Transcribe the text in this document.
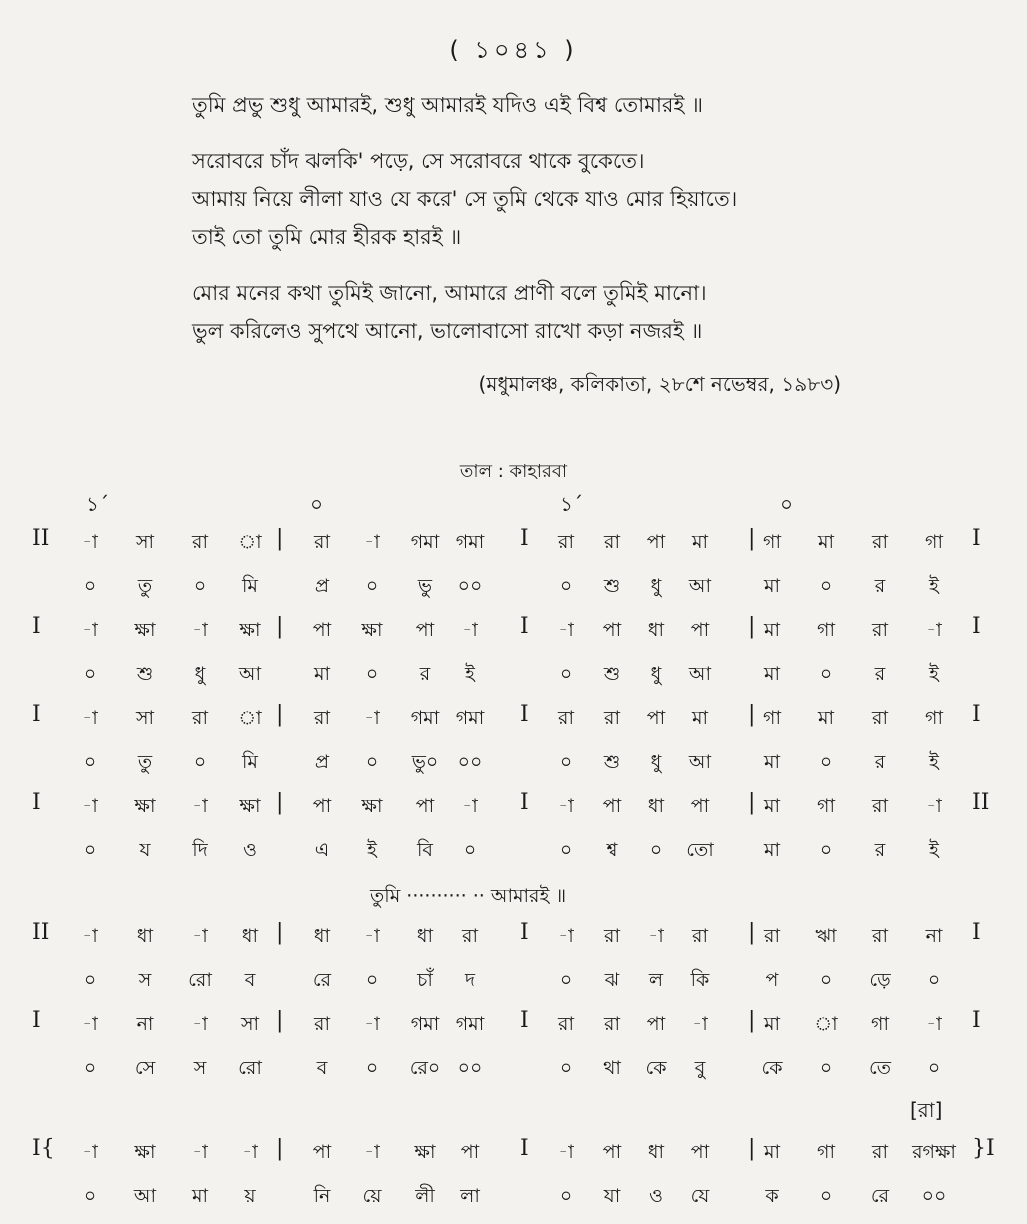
( ১০৪১ )
তুমি প্রভু শুধু আমারই, শুধু আমারই যদিও এই বিশ্ব তোমারই ॥
সরোবরে চাঁদ ঝলকি' পড়ে, সে সরোবরে থাকে বুকেতে।
আমায় নিয়ে লীলা যাও যে করে' সে তুমি থেকে যাও মোর হিয়াতে।
তাই তো তুমি মোর হীরক হারই ॥
মোর মনের কথা তুমিই জানো, আমারে প্রাণী বলে তুমিই মানো।
ভুল করিলেও সুপথে আনো, ভালোবাসো রাখো কড়া নজরই ॥
(মধুমালঞ্চ, কলিকাতা, ২৮শে নভেম্বর, ১৯৮৩)
তাল : কাহারবা
১´	০	১´	০
II	|	I	|	I
-া	সা	রা	া	রা	-া	গমা গমা	রা	রা	পা	মা	গা	মা	রা	গা
০	তু	০	মি	প্র	০	ভু	০০	০	শু	ধু	আ	মা	০	র	ই
I	|	I	|	I
-া	ক্ষা	-া	ক্ষা	পা	ক্ষা	পা	-া	-া	পা	ধা	পা	মা	গা	রা	-া
০	শু	ধু	আ	মা	০	র	ই	০	শু	ধু	আ	মা	০	র	ই
I	|	I	|	I
-া	সা	রা	া	রা	-া	গমা গমা	রা	রা	পা	মা	গা	মা	রা	গা
০	তু	০	মি	প্র	০	ভু০	০০	০	শু	ধু	আ	মা	০	র	ই
I	|	I	|	II
-া	ক্ষা	-া	ক্ষা	পা	ক্ষা	পা	-া	-া	পা	ধা	পা	মা	গা	রা	-া
০	য	দি	ও	এ	ই	বি	০	০	শ্ব	০	তো	মা	০	র	ই
তুমি ·········· ·· আমারই ॥
II	|	I	|	I
-া	ধা	-া	ধা	ধা	-া	ধা	রা	-া	রা	-া	রা	রা	ঋা	রা	না
০	স	রো	ব	রে	০	চাঁ	দ	০	ঝ	ল	কি	প	০	ড়ে	০
I	|	I	|	I
-া	না	-া	সা	রা	-া	গমা গমা	রা	রা	পা	-া	মা	া	গা	-া
০	সে	স	রো	ব	০	রে০ ০০	০	থা	কে	বু	কে	০	তে	০
[রা]
I{	|	I	|	}I
-া	ক্ষা	-া	-া	পা	-া	ক্ষা	পা	-া	পা	ধা	পা	মা	গা	রা	রগক্ষা
০	আ	মা	য়	নি	য়ে	লী	লা	০	যা	ও	যে	ক	০	রে	০০
